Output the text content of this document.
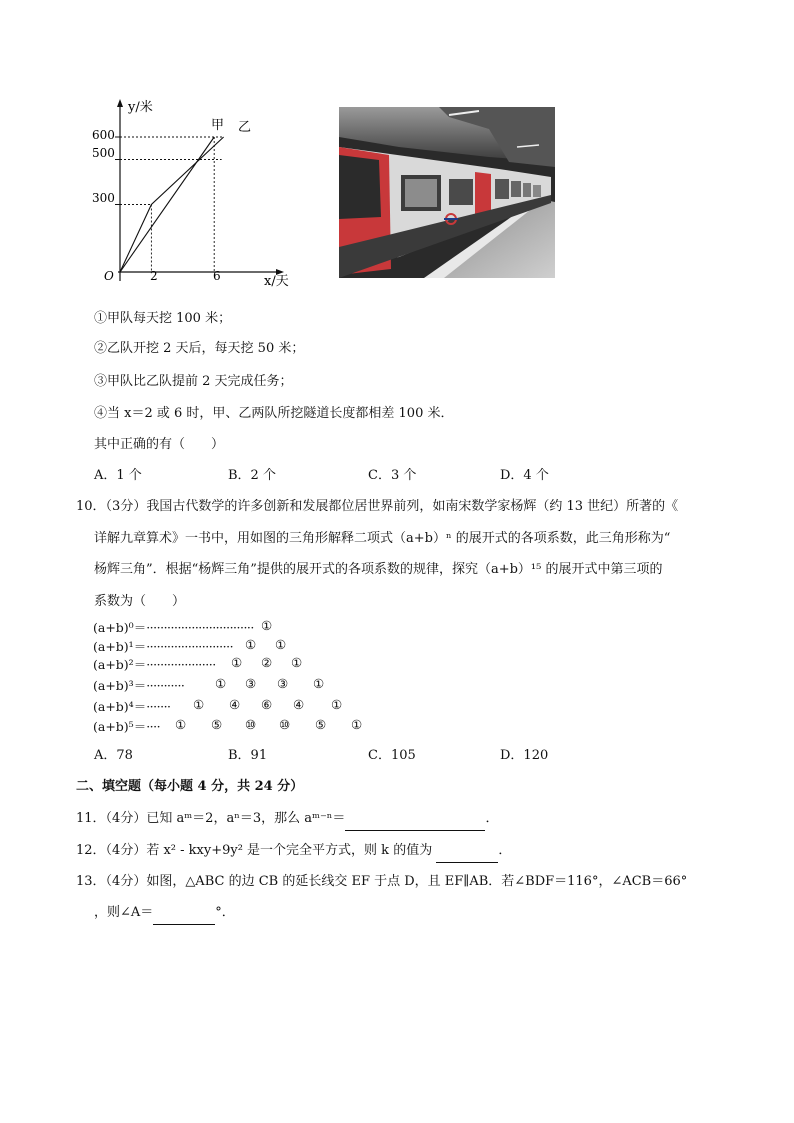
y/米
x/天
O
600
500
300
2	6
甲 乙
①甲队每天挖 100 米；
②乙队开挖 2 天后，每天挖 50 米；
③甲队比乙队提前 2 天完成任务；
④当 x＝2 或 6 时，甲、乙两队所挖隧道长度都相差 100 米．
其中正确的有（　　）
A．1 个	B．2 个	C．3 个	D．4 个
10．（3分）我国古代数学的许多创新和发展都位居世界前列，如南宋数学家杨辉（约 13 世纪）所著的《
详解九章算术》一书中，用如图的三角形解释二项式（a+b）ⁿ 的展开式的各项系数，此三角形称为“
杨辉三角”．根据“杨辉三角”提供的展开式的各项系数的规律，探究（a+b）¹⁵ 的展开式中第三项的
系数为（　　）
(a+b)⁰＝······························· ①
(a+b)¹＝························· ① ①
(a+b)²＝···················· ① ② ①
(a+b)³＝··········· ① ③ ③ ①
(a+b)⁴＝······· ① ④ ⑥ ④ ①
(a+b)⁵＝···· ① ⑤ ⑩ ⑩ ⑤ ①
A．78	B．91	C．105	D．120
二、填空题（每小题 4 分，共 24 分）
11．（4分）已知 aᵐ＝2，aⁿ＝3，那么 aᵐ⁻ⁿ＝	．
12．（4分）若 x² - kxy+9y² 是一个完全平方式，则 k 的值为	．
13．（4分）如图，△ABC 的边 CB 的延长线交 EF 于点 D，且 EF∥AB．若∠BDF＝116°，∠ACB＝66°
，则∠A＝	°．
